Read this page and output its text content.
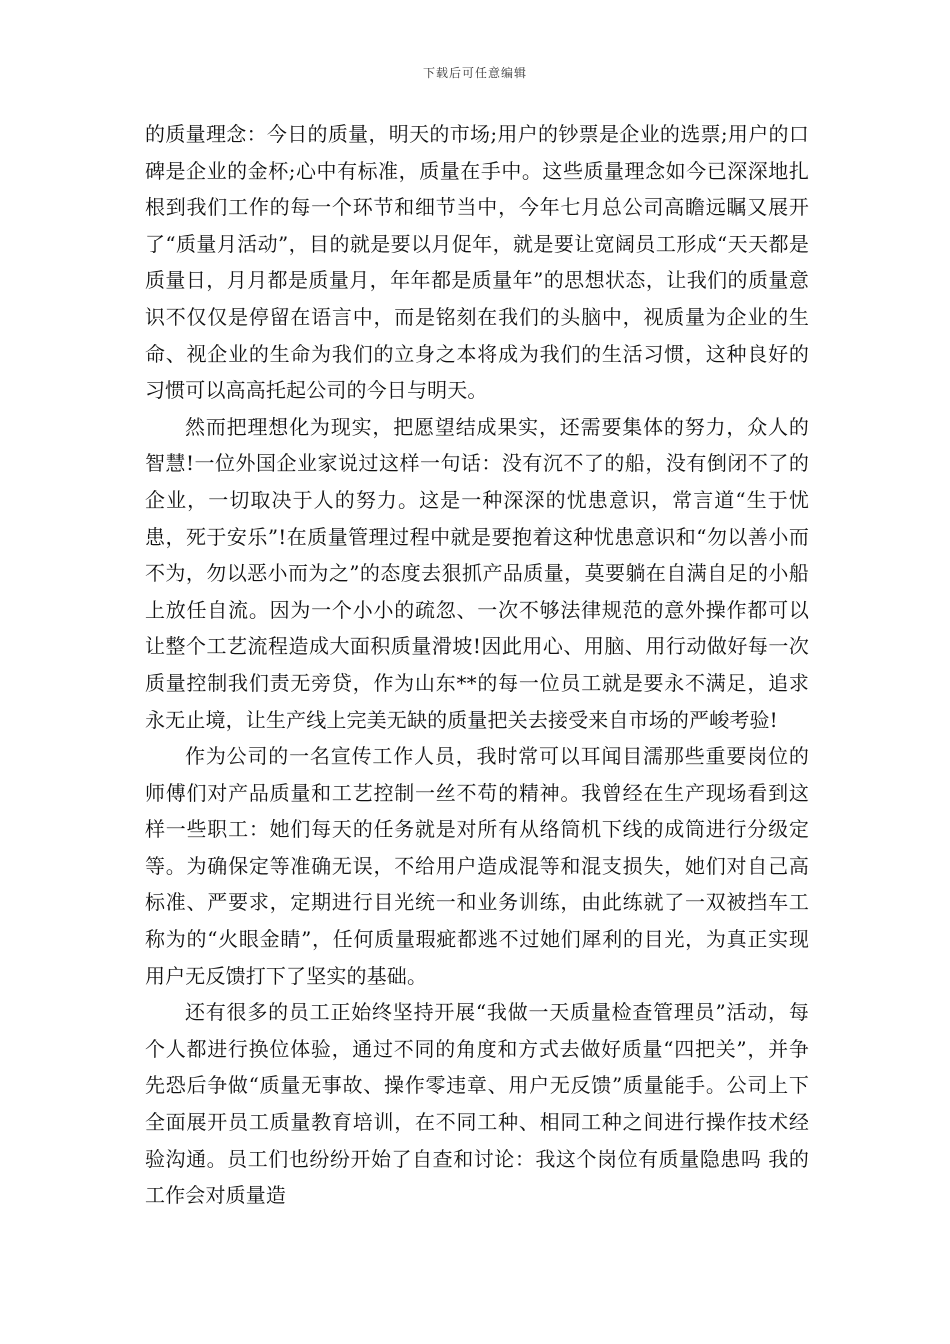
下载后可任意编辑

的质量理念：今日的质量，明天的市场;用户的钞票是企业的选票;用户的口碑是企业的金杯;心中有标准，质量在手中。这些质量理念如今已深深地扎根到我们工作的每一个环节和细节当中，今年七月总公司高瞻远瞩又展开了“质量月活动”，目的就是要以月促年，就是要让宽阔员工形成“天天都是质量日，月月都是质量月，年年都是质量年”的思想状态，让我们的质量意识不仅仅是停留在语言中，而是铭刻在我们的头脑中，视质量为企业的生命、视企业的生命为我们的立身之本将成为我们的生活习惯，这种良好的习惯可以高高托起公司的今日与明天。

然而把理想化为现实，把愿望结成果实，还需要集体的努力，众人的智慧!一位外国企业家说过这样一句话：没有沉不了的船，没有倒闭不了的企业，一切取决于人的努力。这是一种深深的忧患意识，常言道“生于忧患，死于安乐”!在质量管理过程中就是要抱着这种忧患意识和“勿以善小而不为，勿以恶小而为之”的态度去狠抓产品质量，莫要躺在自满自足的小船上放任自流。因为一个小小的疏忽、一次不够法律规范的意外操作都可以让整个工艺流程造成大面积质量滑坡!因此用心、用脑、用行动做好每一次质量控制我们责无旁贷，作为山东**的每一位员工就是要永不满足，追求永无止境，让生产线上完美无缺的质量把关去接受来自市场的严峻考验!

作为公司的一名宣传工作人员，我时常可以耳闻目濡那些重要岗位的师傅们对产品质量和工艺控制一丝不苟的精神。我曾经在生产现场看到这样一些职工：她们每天的任务就是对所有从络筒机下线的成筒进行分级定等。为确保定等准确无误，不给用户造成混等和混支损失，她们对自己高标准、严要求，定期进行目光统一和业务训练，由此练就了一双被挡车工称为的“火眼金睛”，任何质量瑕疵都逃不过她们犀利的目光，为真正实现用户无反馈打下了坚实的基础。

还有很多的员工正始终坚持开展“我做一天质量检查管理员”活动，每个人都进行换位体验，通过不同的角度和方式去做好质量“四把关”，并争先恐后争做“质量无事故、操作零违章、用户无反馈”质量能手。公司上下全面展开员工质量教育培训，在不同工种、相同工种之间进行操作技术经验沟通。员工们也纷纷开始了自查和讨论：我这个岗位有质量隐患吗 我的工作会对质量造
